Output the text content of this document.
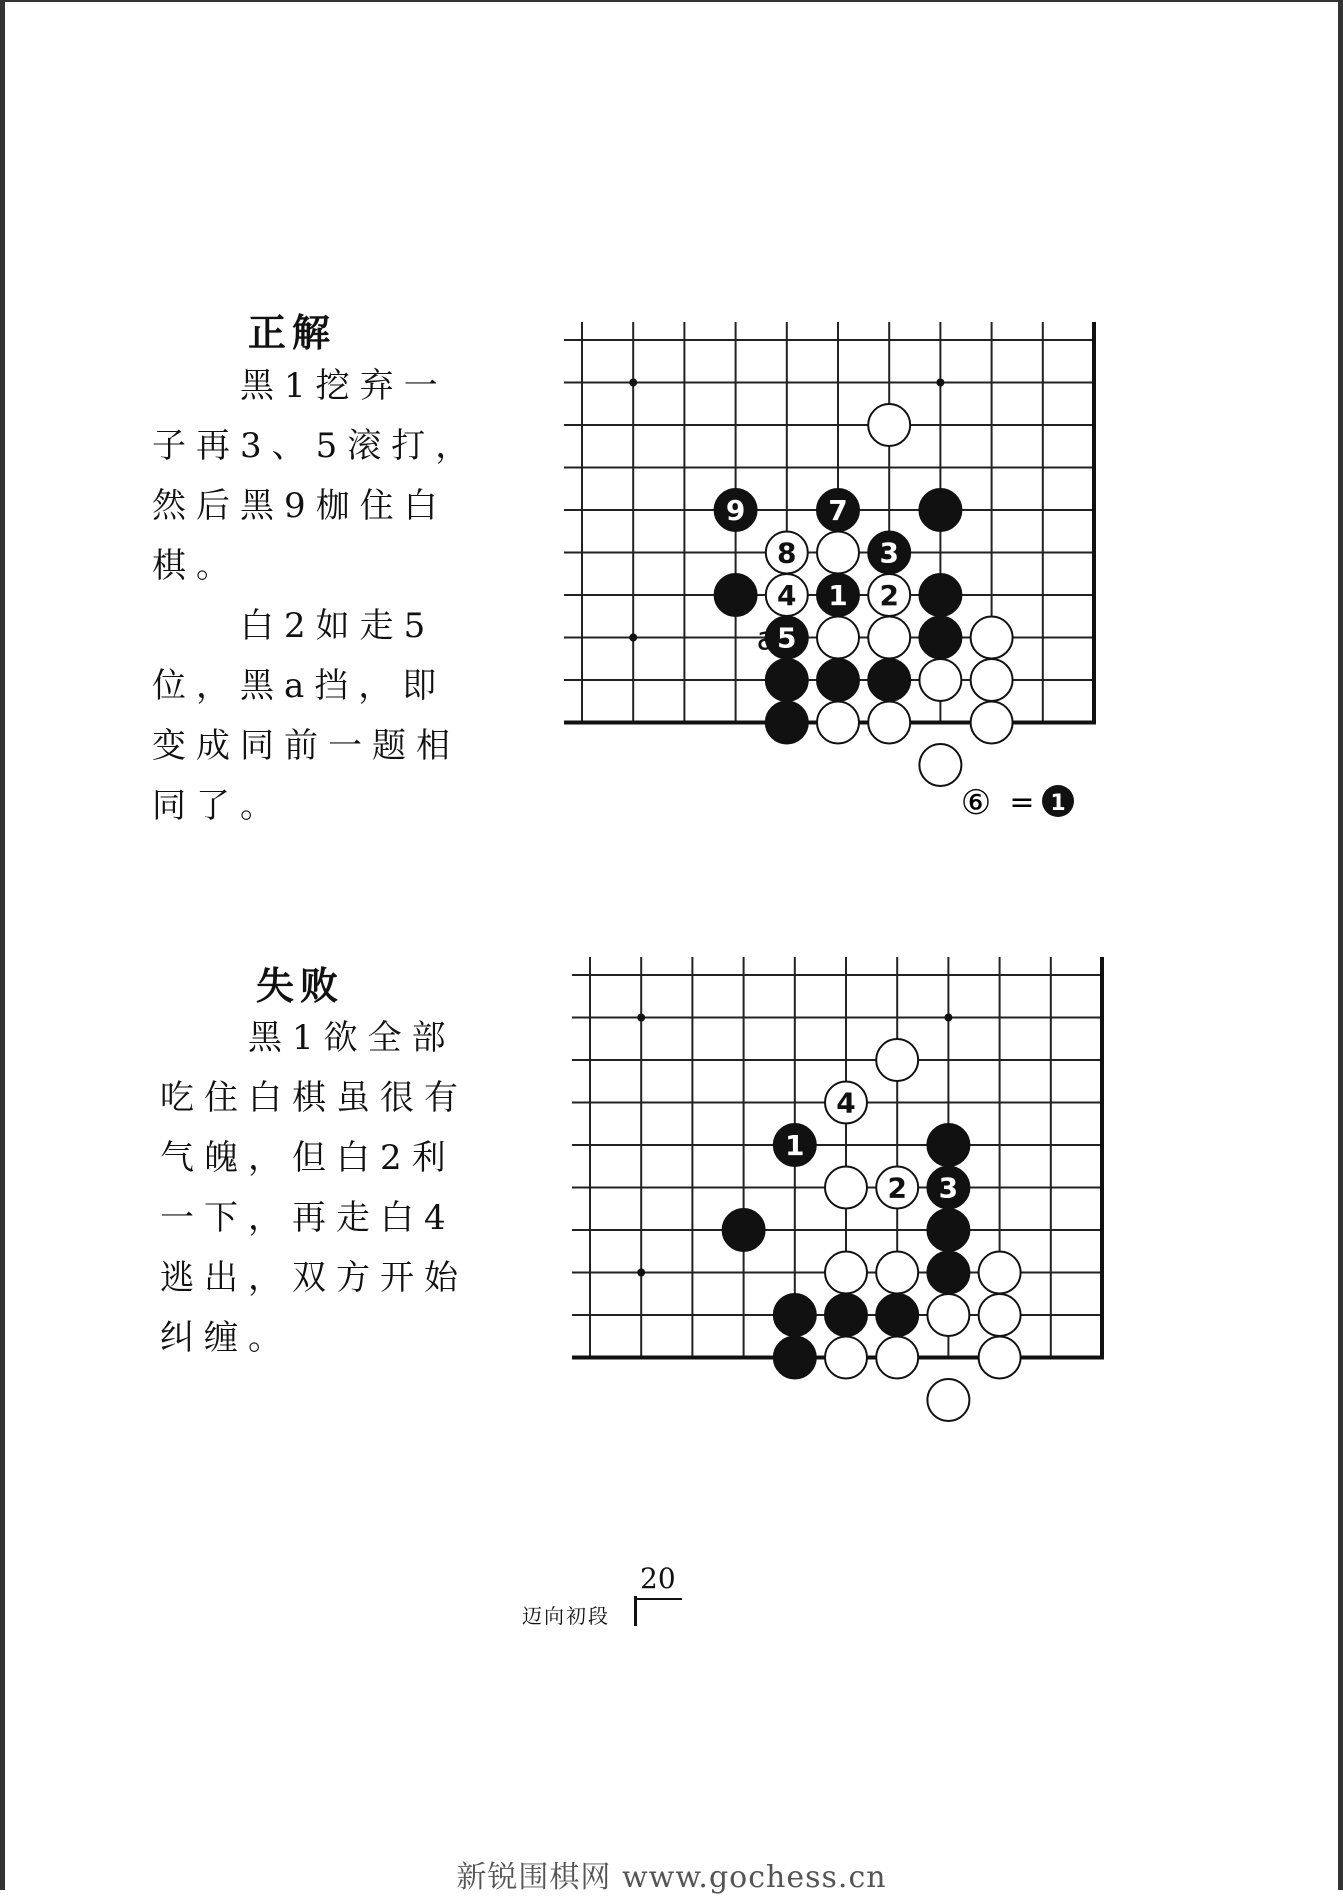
正解
　　黑1挖弃一
子再3、5滚打，
然后黑9枷住白
棋。
　　白2如走5
位，黑a挡，即
变成同前一题相
同了。
失败
　　黑1欲全部
吃住白棋虽很有
气魄，但白2利
一下，再走白4
逃出，双方开始
纠缠。
9	7
8	3
4 1 2
5
a
4
1
2 3
⑥ = 1
迈向初段
20
新锐围棋网 www.gochess.cn
